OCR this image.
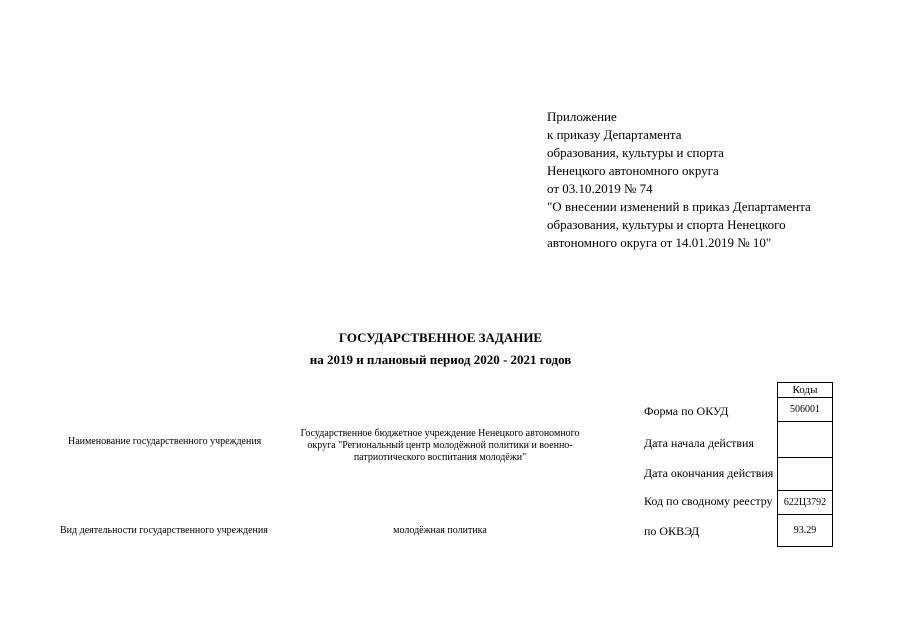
Приложение
к приказу Департамента
образования, культуры и спорта
Ненецкого автономного округа
от 03.10.2019 № 74
"О внесении изменений в приказ Департамента
образования, культуры и спорта Ненецкого
автономного округа от 14.01.2019 № 10"
ГОСУДАРСТВЕННОЕ ЗАДАНИЕ
на 2019 и плановый период 2020 - 2021 годов
Наименование государственного учреждения
Государственное бюджетное учреждение Ненецкого автономного округа "Региональный центр молодёжной политики и военно-патриотического воспитания молодёжи"
Вид деятельности государственного учреждения	молодёжная политика
Форма по ОКУД
Дата начала действия
Дата окончания действия
Код по сводному реестру
по ОКВЭД
Коды
506001
622Ц3792
93.29
